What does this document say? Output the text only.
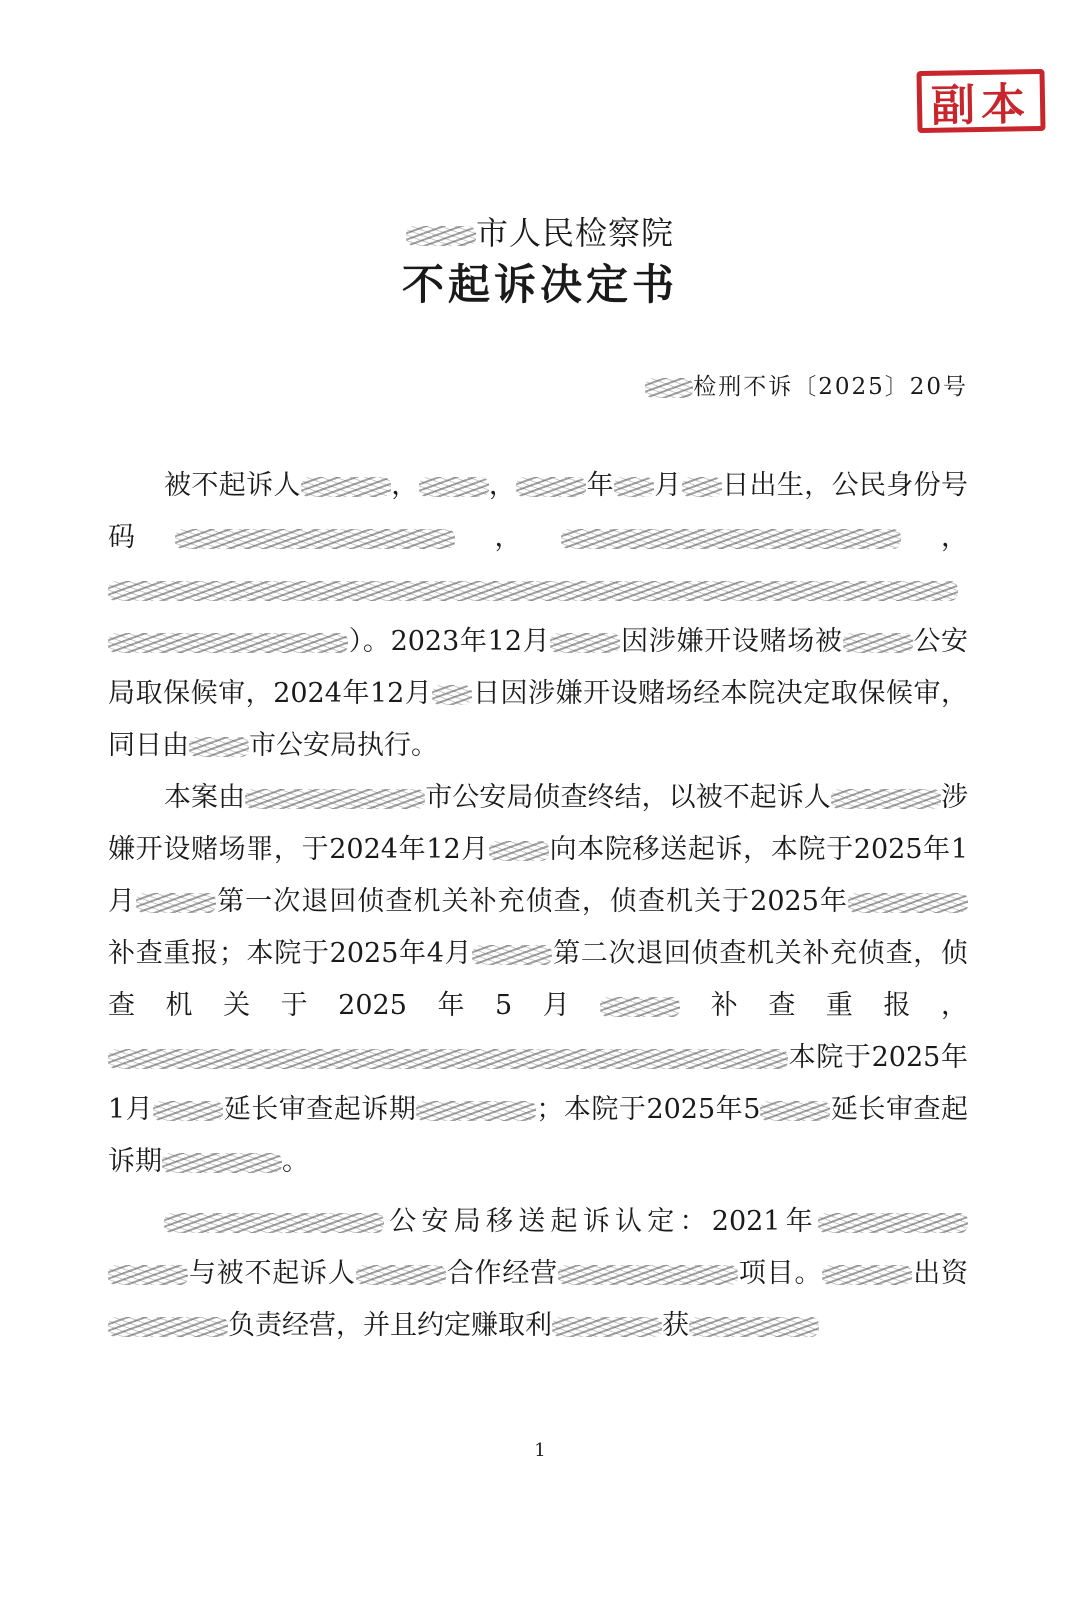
副本
市人民检察院
不起诉决定书
检刑不诉〔2025〕20号

被不起诉人	，	，	年 月 日出生，公民身份号码	，	，）。2023年12月	因涉嫌开设赌场被	公安局取保候审，2024年12月 日因涉嫌开设赌场经本院决定取保候审，同日由 市公安局执行。

本案由	市公安局侦查终结，以被不起诉人	涉嫌开设赌场罪，于2024年12月 向本院移送起诉，本院于2025年1月	第一次退回侦查机关补充侦查，侦查机关于2025年补查重报；本院于2025年4月	第二次退回侦查机关补充侦查，侦查机关于2025年5月	补查重报，本院于2025年1月	延长审查起诉期	；本院于2025年5	延长审查起诉期	。

公安局移送起诉认定：2021年与被不起诉人	合作经营	项目。	出资负责经营，并且约定赚取利	获

1
